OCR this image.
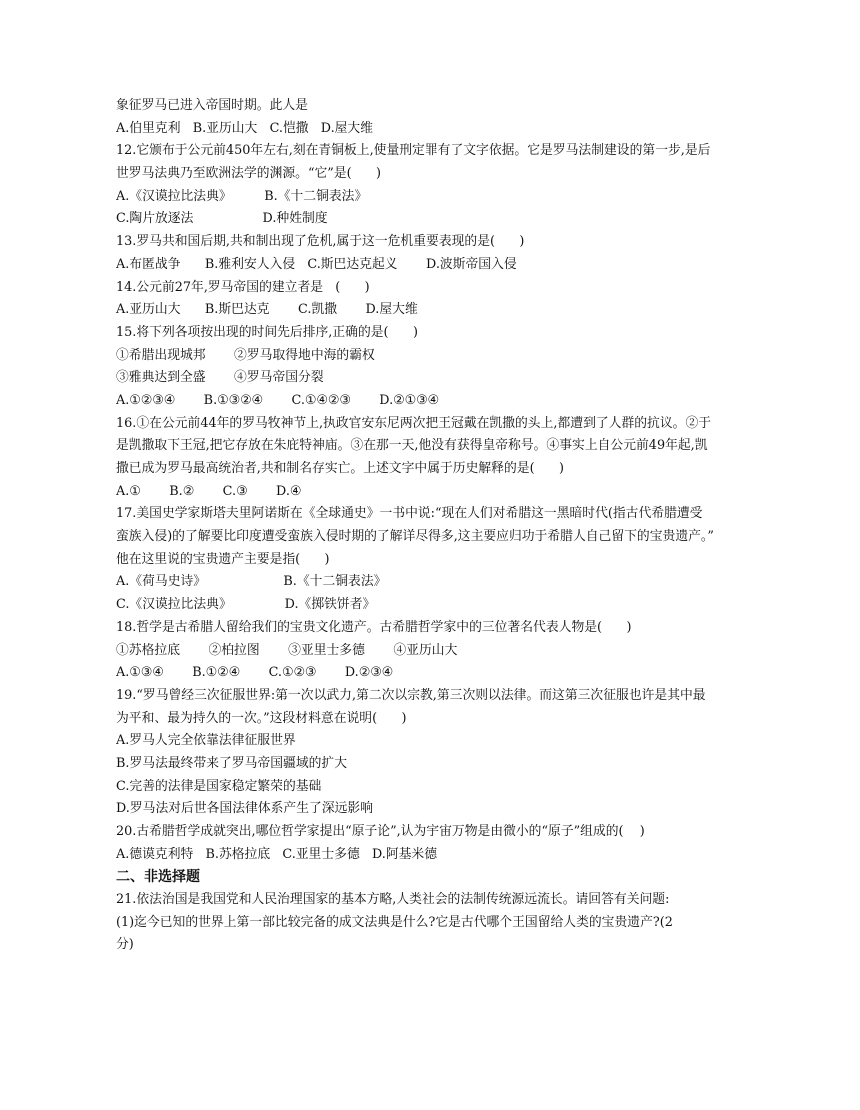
象征罗马已进入帝国时期。此人是
A.伯里克利   B.亚历山大   C.恺撒   D.屋大维
12.它颁布于公元前450年左右,刻在青铜板上,使量刑定罪有了文字依据。它是罗马法制建设的第一步,是后
世罗马法典乃至欧洲法学的渊源。“它”是(      )
A.《汉谟拉比法典》        B.《十二铜表法》
C.陶片放逐法                 D.种姓制度
13.罗马共和国后期,共和制出现了危机,属于这一危机重要表现的是(      )
A.布匿战争      B.雅利安人入侵   C.斯巴达克起义       D.波斯帝国入侵
14.公元前27年,罗马帝国的建立者是   (      )
A.亚历山大      B.斯巴达克       C.凯撒       D.屋大维
15.将下列各项按出现的时间先后排序,正确的是(      )
①希腊出现城邦       ②罗马取得地中海的霸权
③雅典达到全盛       ④罗马帝国分裂
A.①②③④       B.①③②④       C.①④②③       D.②①③④
16.①在公元前44年的罗马牧神节上,执政官安东尼两次把王冠戴在凯撒的头上,都遭到了人群的抗议。②于
是凯撒取下王冠,把它存放在朱庇特神庙。③在那一天,他没有获得皇帝称号。④事实上自公元前49年起,凯
撒已成为罗马最高统治者,共和制名存实亡。上述文字中属于历史解释的是(      )
A.①       B.②       C.③       D.④
17.美国史学家斯塔夫里阿诺斯在《全球通史》一书中说:“现在人们对希腊这一黑暗时代(指古代希腊遭受
蛮族入侵)的了解要比印度遭受蛮族入侵时期的了解详尽得多,这主要应归功于希腊人自己留下的宝贵遗产。”
他在这里说的宝贵遗产主要是指(      )
A.《荷马史诗》                   B.《十二铜表法》
C.《汉谟拉比法典》             D.《掷铁饼者》
18.哲学是古希腊人留给我们的宝贵文化遗产。古希腊哲学家中的三位著名代表人物是(      )
①苏格拉底       ②柏拉图       ③亚里士多德       ④亚历山大
A.①③④       B.①②④       C.①②③       D.②③④
19.“罗马曾经三次征服世界:第一次以武力,第二次以宗教,第三次则以法律。而这第三次征服也许是其中最
为平和、最为持久的一次。”这段材料意在说明(      )
A.罗马人完全依靠法律征服世界
B.罗马法最终带来了罗马帝国疆域的扩大
C.完善的法律是国家稳定繁荣的基础
D.罗马法对后世各国法律体系产生了深远影响
20.古希腊哲学成就突出,哪位哲学家提出“原子论”,认为宇宙万物是由微小的“原子”组成的(    )
A.德谟克利特   B.苏格拉底   C.亚里士多德   D.阿基米德
二、非选择题
21.依法治国是我国党和人民治理国家的基本方略,人类社会的法制传统源远流长。请回答有关问题:
(1)迄今已知的世界上第一部比较完备的成文法典是什么?它是古代哪个王国留给人类的宝贵遗产?(2
分)
